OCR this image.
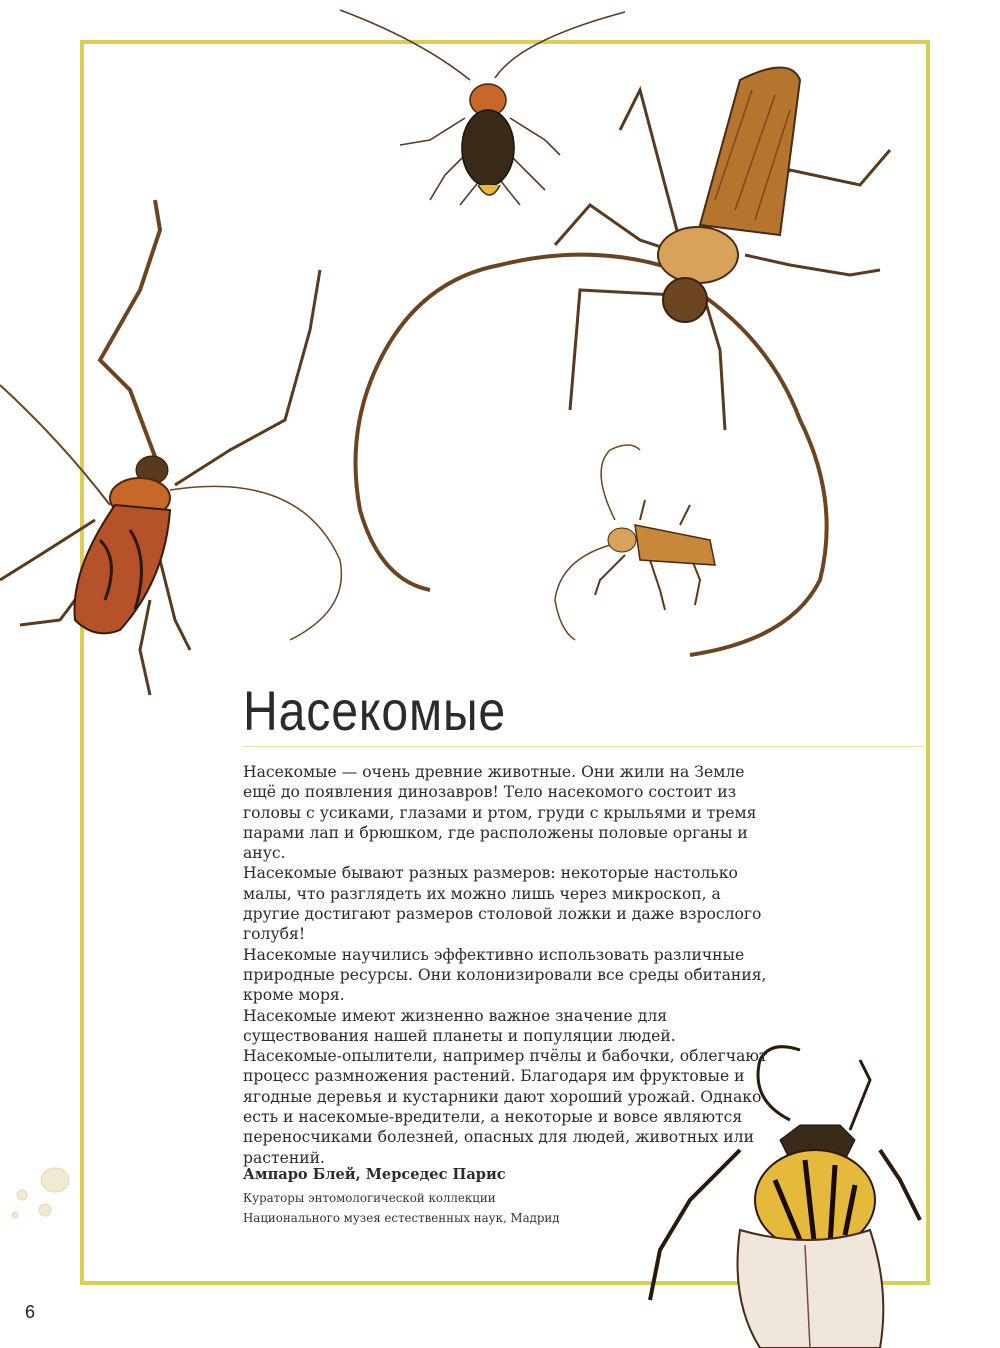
Насекомые

Насекомые — очень древние животные. Они жили на Земле ещё до появления динозавров! Тело насекомого состоит из головы с усиками, глазами и ртом, груди с крыльями и тремя парами лап и брюшком, где расположены половые органы и анус.

Насекомые бывают разных размеров: некоторые настолько малы, что разглядеть их можно лишь через микроскоп, а другие достигают размеров столовой ложки и даже взрослого голубя!

Насекомые научились эффективно использовать различные природные ресурсы. Они колонизировали все среды обитания, кроме моря.

Насекомые имеют жизненно важное значение для существования нашей планеты и популяции людей. Насекомые-опылители, например пчёлы и бабочки, облегчают процесс размножения растений. Благодаря им фруктовые и ягодные деревья и кустарники дают хороший урожай. Однако есть и насекомые-вредители, а некоторые и вовсе являются переносчиками болезней, опасных для людей, животных или растений.

Ампаро Блей, Мерседес Парис
Кураторы энтомологической коллекции
Национального музея естественных наук, Мадрид
6
